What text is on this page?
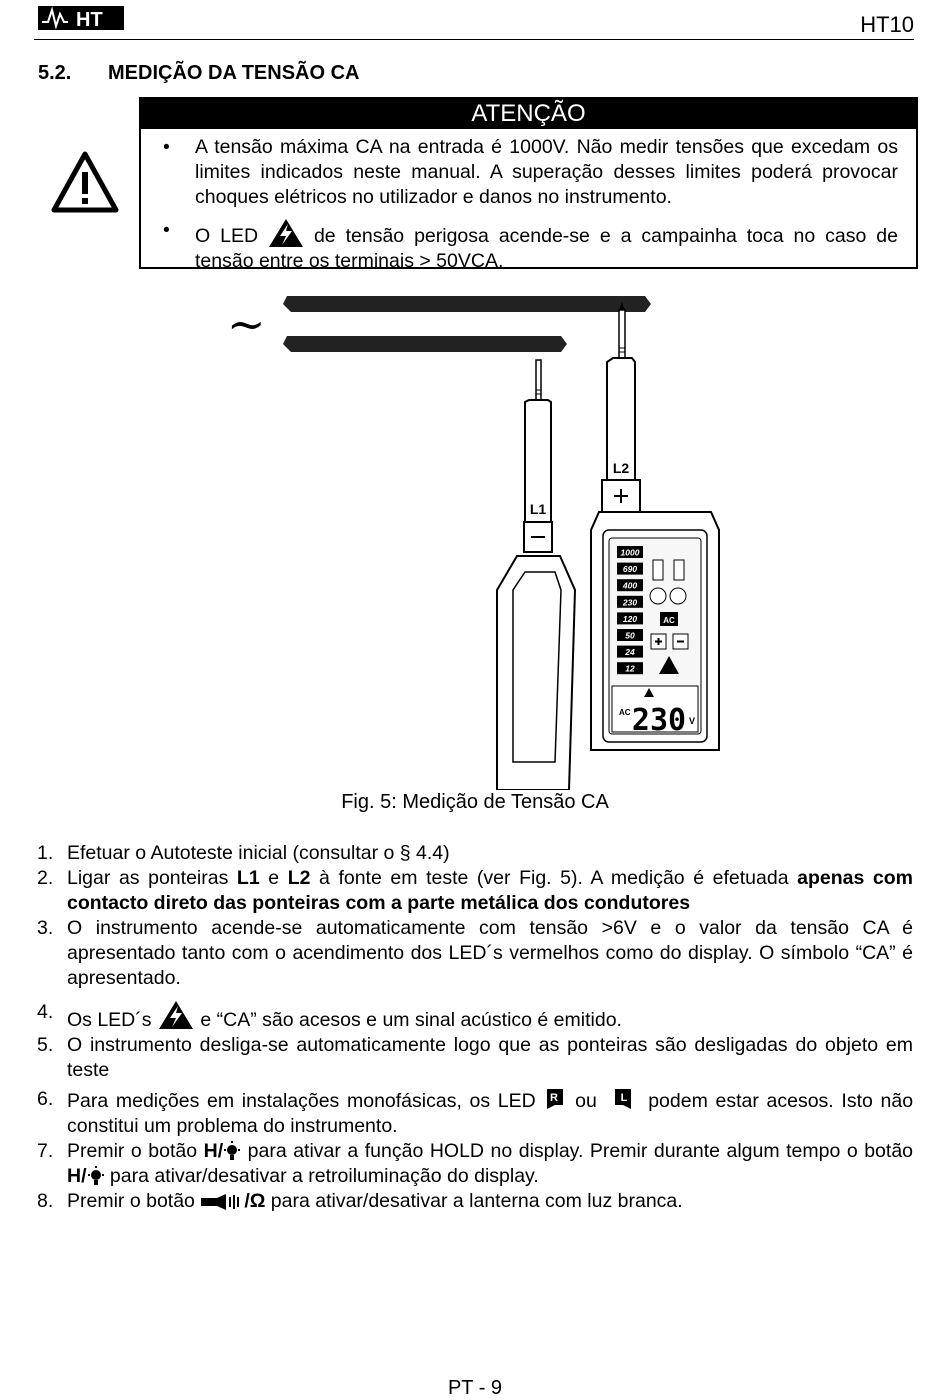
HT	HT10
5.2. MEDIÇÃO DA TENSÃO CA
ATENÇÃO
• A tensão máxima CA na entrada é 1000V. Não medir tensões que excedam os limites indicados neste manual. A superação desses limites poderá provocar choques elétricos no utilizador e danos no instrumento.
• O LED	de tensão perigosa acende-se e a campainha toca no caso de tensão entre os terminais > 50VCA.
~
L1
L2
1000
690
400
230
120
50
24
12
AC
AC 230 V
Fig. 5: Medição de Tensão CA
1. Efetuar o Autoteste inicial (consultar o § 4.4)
2. Ligar as ponteiras L1 e L2 à fonte em teste (ver Fig. 5). A medição é efetuada apenas com contacto direto das ponteiras com a parte metálica dos condutores
3. O instrumento acende-se automaticamente com tensão >6V e o valor da tensão CA é apresentado tanto com o acendimento dos LED´s vermelhos como do display. O símbolo “CA” é apresentado.
4. Os LED´s	e “CA” são acesos e um sinal acústico é emitido.
5. O instrumento desliga-se automaticamente logo que as ponteiras são desligadas do objeto em teste
6. Para medições em instalações monofásicas, os LED R ou L podem estar acesos. Isto não constitui um problema do instrumento.
7. Premir o botão H/ para ativar a função HOLD no display. Premir durante algum tempo o botão H/ para ativar/desativar a retroiluminação do display.
8. Premir o botão /Ω para ativar/desativar a lanterna com luz branca.
PT - 9
